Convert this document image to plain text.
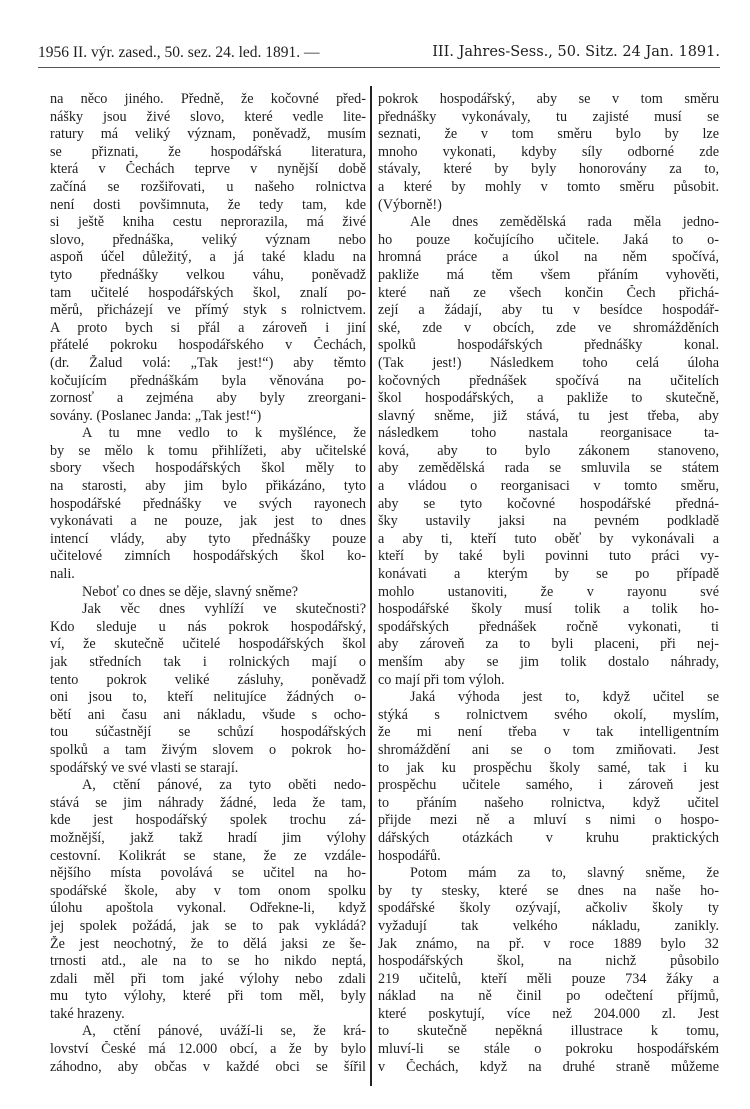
1956 II. výr. zased., 50. sez. 24. led. 1891. —	III. Jahres-Sess., 50. Sitz. 24 Jan. 1891.
na něco jiného. Předně, že kočovné před-
nášky jsou živé slovo, které vedle lite-
ratury má veliký význam, poněvadž, musím
se přiznati, že hospodářská literatura,
která v Čechách teprve v nynější době
začíná se rozšiřovati, u našeho rolnictva
není dosti povšimnuta, že tedy tam, kde
si ještě kniha cestu neprorazila, má živé
slovo, přednáška, veliký význam nebo
aspoň účel důležitý, a já také kladu na
tyto přednášky velkou váhu, poněvadž
tam učitelé hospodářských škol, znalí po-
měrů, přicházejí ve přímý styk s rolnictvem.
A proto bych si přál a zároveň i jiní
přátelé pokroku hospodářského v Čechách,
(dr. Žalud volá: „Tak jest!“) aby těmto
kočujícím přednáškám byla věnována po-
zornosť a zejména aby byly zreorgani-
sovány. (Poslanec Janda: „Tak jest!“)
A tu mne vedlo to k myšlénce, že
by se mělo k tomu přihlížeti, aby učitelské
sbory všech hospodářských škol měly to
na starosti, aby jim bylo přikázáno, tyto
hospodářské přednášky ve svých rayonech
vykonávati a ne pouze, jak jest to dnes
intencí vlády, aby tyto přednášky pouze
učitelové zimních hospodářských škol ko-
nali.
Neboť co dnes se děje, slavný sněme?
Jak věc dnes vyhlíží ve skutečnosti?
Kdo sleduje u nás pokrok hospodářský,
ví, že skutečně učitelé hospodářských škol
jak středních tak i rolnických mají o
tento pokrok veliké zásluhy, poněvadž
oni jsou to, kteří nelitujíce žádných o-
bětí ani času ani nákladu, všude s ocho-
tou súčastnějí se schůzí hospodářských
spolků a tam živým slovem o pokrok ho-
spodářský ve své vlasti se starají.
A, ctění pánové, za tyto oběti nedo-
stává se jim náhrady žádné, leda že tam,
kde jest hospodářský spolek trochu zá-
možnější, jakž takž hradí jim výlohy
cestovní. Kolikrát se stane, že ze vzdále-
nějšího místa povolává se učitel na ho-
spodářské škole, aby v tom onom spolku
úlohu apoštola vykonal. Odřekne-li, když
jej spolek požádá, jak se to pak vykládá?
Že jest neochotný, že to dělá jaksi ze še-
trnosti atd., ale na to se ho nikdo neptá,
zdali měl při tom jaké výlohy nebo zdali
mu tyto výlohy, které při tom měl, byly
také hrazeny.
A, ctění pánové, uváží-li se, že krá-
lovství České má 12.000 obcí, a že by bylo
záhodno, aby občas v každé obci se šířil
pokrok hospodářský, aby se v tom směru
přednášky vykonávaly, tu zajisté musí se
seznati, že v tom směru bylo by lze
mnoho vykonati, kdyby síly odborné zde
stávaly, které by byly honorovány za to,
a které by mohly v tomto směru působit.
(Výborně!)
Ale dnes zemědělská rada měla jedno-
ho pouze kočujícího učitele. Jaká to o-
hromná práce a úkol na něm spočívá,
pakliže má těm všem přáním vyhověti,
které naň ze všech končin Čech přichá-
zejí a žádají, aby tu v besídce hospodář-
ské, zde v obcích, zde ve shromážděních
spolků hospodářských přednášky konal.
(Tak jest!) Následkem toho celá úloha
kočovných přednášek spočívá na učitelích
škol hospodářských, a pakliže to skutečně,
slavný sněme, již stává, tu jest třeba, aby
následkem toho nastala reorganisace ta-
ková, aby to bylo zákonem stanoveno,
aby zemědělská rada se smluvila se státem
a vládou o reorganisaci v tomto směru,
aby se tyto kočovné hospodářské předná-
šky ustavily jaksi na pevném podkladě
a aby ti, kteří tuto oběť by vykonávali a
kteří by také byli povinni tuto práci vy-
konávati a kterým by se po případě
mohlo ustanoviti, že v rayonu své
hospodářské školy musí tolik a tolik ho-
spodářských přednášek ročně vykonati, ti
aby zároveň za to byli placeni, při nej-
menším aby se jim tolik dostalo náhrady,
co mají při tom výloh.
Jaká výhoda jest to, když učitel se
stýká s rolnictvem svého okolí, myslím,
že mi není třeba v tak intelligentním
shromáždění ani se o tom zmiňovati. Jest
to jak ku prospěchu školy samé, tak i ku
prospěchu učitele samého, i zároveň jest
to přáním našeho rolnictva, když učitel
přijde mezi ně a mluví s nimi o hospo-
dářských otázkách v kruhu praktických
hospodářů.
Potom mám za to, slavný sněme, že
by ty stesky, které se dnes na naše ho-
spodářské školy ozývají, ačkoliv školy ty
vyžadují tak velkého nákladu, zanikly.
Jak známo, na př. v roce 1889 bylo 32
hospodářských škol, na nichž působilo
219 učitelů, kteří měli pouze 734 žáky a
náklad na ně činil po odečtení příjmů,
které poskytují, více než 204.000 zl. Jest
to skutečně nepěkná illustrace k tomu,
mluví-li se stále o pokroku hospodářském
v Čechách, když na druhé straně můžeme
